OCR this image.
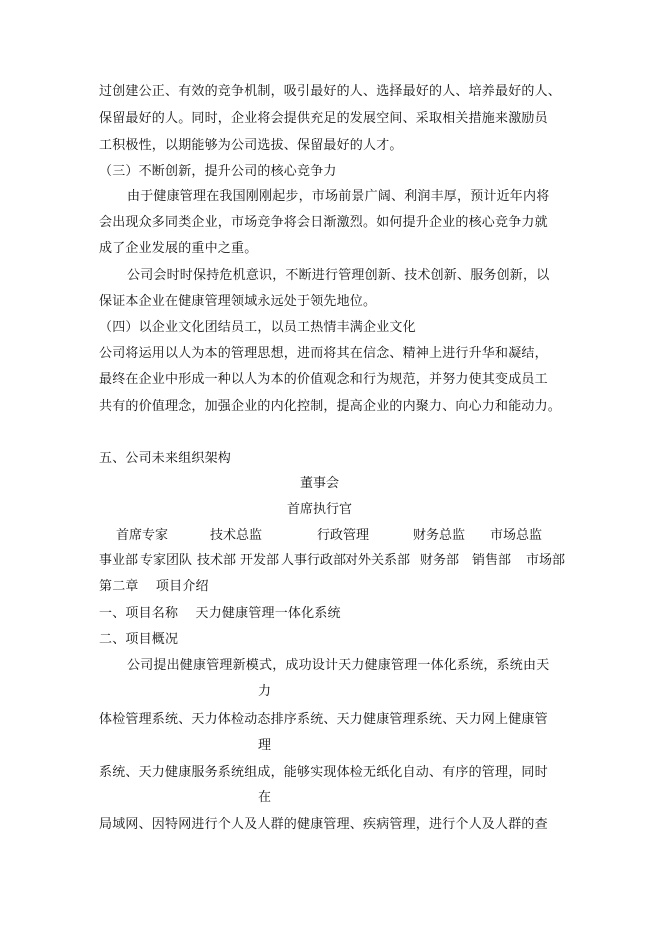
过创建公正、有效的竞争机制，吸引最好的人、选择最好的人、培养最好的人、
保留最好的人。同时，企业将会提供充足的发展空间、采取相关措施来激励员
工积极性，以期能够为公司选拔、保留最好的人才。
（三）不断创新，提升公司的核心竞争力
由于健康管理在我国刚刚起步，市场前景广阔、利润丰厚，预计近年内将
会出现众多同类企业，市场竞争将会日渐激烈。如何提升企业的核心竞争力就
成了企业发展的重中之重。
公司会时时保持危机意识，不断进行管理创新、技术创新、服务创新，以
保证本企业在健康管理领域永远处于领先地位。
（四）以企业文化团结员工，以员工热情丰满企业文化
公司将运用以人为本的管理思想，进而将其在信念、精神上进行升华和凝结，
最终在企业中形成一种以人为本的价值观念和行为规范，并努力使其变成员工
共有的价值理念，加强企业的内化控制，提高企业的内聚力、向心力和能动力。
五、公司未来组织架构
董事会
首席执行官
首席专家	技术总监	行政管理	财务总监 市场总监
事业部 专家团队 技术部 开发部 人事行政部
对外关系部 财务部 销售部 市场部
第二章    项目介绍
一、项目名称    天力健康管理一体化系统
二、项目概况
公司提出健康管理新模式，成功设计天力健康管理一体化系统，系统由天
力
体检管理系统、天力体检动态排序系统、天力健康管理系统、天力网上健康管
理
系统、天力健康服务系统组成，能够实现体检无纸化自动、有序的管理，同时
在
局域网、因特网进行个人及人群的健康管理、疾病管理，进行个人及人群的查
